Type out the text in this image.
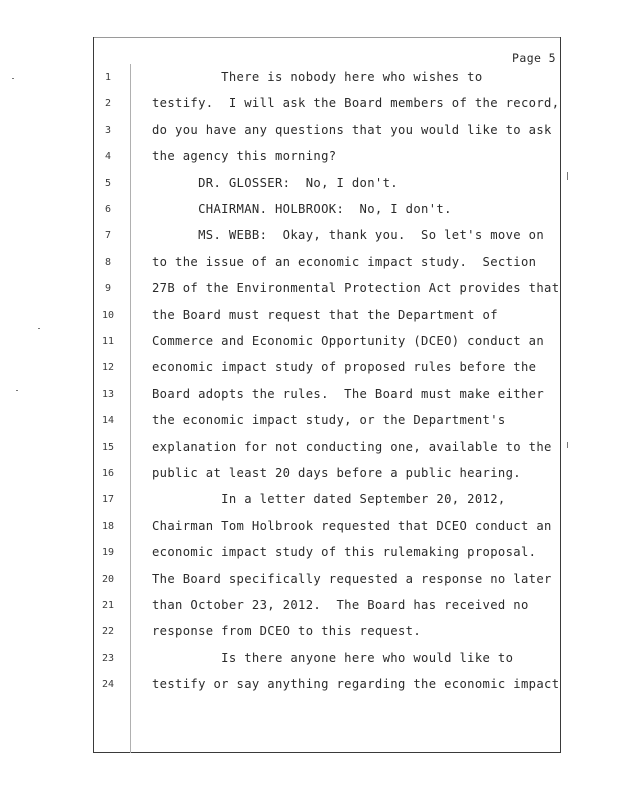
Page 5
1	There is nobody here who wishes to
2	testify.  I will ask the Board members of the record,
3	do you have any questions that you would like to ask
4	the agency this morning?
5	DR. GLOSSER:  No, I don't.
6	CHAIRMAN. HOLBROOK:  No, I don't.
7	MS. WEBB:  Okay, thank you.  So let's move on
8	to the issue of an economic impact study.  Section
9	27B of the Environmental Protection Act provides that
10	the Board must request that the Department of
11	Commerce and Economic Opportunity (DCEO) conduct an
12	economic impact study of proposed rules before the
13	Board adopts the rules.  The Board must make either
14	the economic impact study, or the Department's
15	explanation for not conducting one, available to the
16	public at least 20 days before a public hearing.
17	In a letter dated September 20, 2012,
18	Chairman Tom Holbrook requested that DCEO conduct an
19	economic impact study of this rulemaking proposal.
20	The Board specifically requested a response no later
21	than October 23, 2012.  The Board has received no
22	response from DCEO to this request.
23	Is there anyone here who would like to
24	testify or say anything regarding the economic impact
